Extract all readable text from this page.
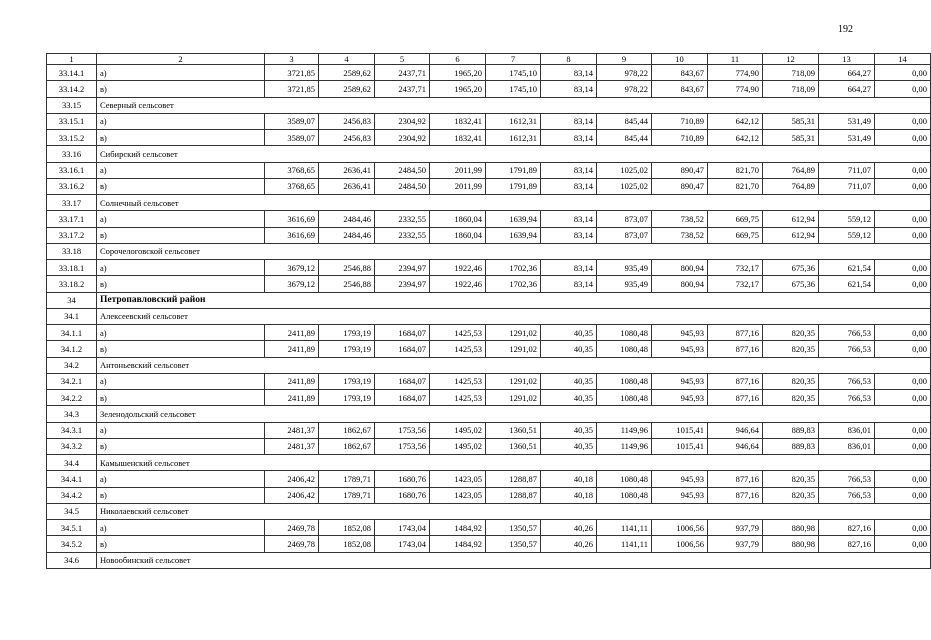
192
1	2	3	4	5	6	7	8	9	10	11	12	13	14
33.14.1	а)	3721,85	2589,62	2437,71	1965,20	1745,10	83,14	978,22	843,67	774,90	718,09	664,27	0,00
33.14.2	в)	3721,85	2589,62	2437,71	1965,20	1745,10	83,14	978,22	843,67	774,90	718,09	664,27	0,00
33.15	Северный сельсовет												
33.15.1	а)	3589,07	2456,83	2304,92	1832,41	1612,31	83,14	845,44	710,89	642,12	585,31	531,49	0,00
33.15.2	в)	3589,07	2456,83	2304,92	1832,41	1612,31	83,14	845,44	710,89	642,12	585,31	531,49	0,00
33.16	Сибирский сельсовет												
33.16.1	а)	3768,65	2636,41	2484,50	2011,99	1791,89	83,14	1025,02	890,47	821,70	764,89	711,07	0,00
33.16.2	в)	3768,65	2636,41	2484,50	2011,99	1791,89	83,14	1025,02	890,47	821,70	764,89	711,07	0,00
33.17	Солнечный сельсовет												
33.17.1	а)	3616,69	2484,46	2332,55	1860,04	1639,94	83,14	873,07	738,52	669,75	612,94	559,12	0,00
33.17.2	в)	3616,69	2484,46	2332,55	1860,04	1639,94	83,14	873,07	738,52	669,75	612,94	559,12	0,00
33.18	Сорочелоговской сельсовет												
33.18.1	а)	3679,12	2546,88	2394,97	1922,46	1702,36	83,14	935,49	800,94	732,17	675,36	621,54	0,00
33.18.2	в)	3679,12	2546,88	2394,97	1922,46	1702,36	83,14	935,49	800,94	732,17	675,36	621,54	0,00
34	Петропавловский район												
34.1	Алексеевский сельсовет												
34.1.1	а)	2411,89	1793,19	1684,07	1425,53	1291,02	40,35	1080,48	945,93	877,16	820,35	766,53	0,00
34.1.2	в)	2411,89	1793,19	1684,07	1425,53	1291,02	40,35	1080,48	945,93	877,16	820,35	766,53	0,00
34.2	Антоньевский сельсовет												
34.2.1	а)	2411,89	1793,19	1684,07	1425,53	1291,02	40,35	1080,48	945,93	877,16	820,35	766,53	0,00
34.2.2	в)	2411,89	1793,19	1684,07	1425,53	1291,02	40,35	1080,48	945,93	877,16	820,35	766,53	0,00
34.3	Зеленодольский сельсовет												
34.3.1	а)	2481,37	1862,67	1753,56	1495,02	1360,51	40,35	1149,96	1015,41	946,64	889,83	836,01	0,00
34.3.2	в)	2481,37	1862,67	1753,56	1495,02	1360,51	40,35	1149,96	1015,41	946,64	889,83	836,01	0,00
34.4	Камышенский сельсовет												
34.4.1	а)	2406,42	1789,71	1680,76	1423,05	1288,87	40,18	1080,48	945,93	877,16	820,35	766,53	0,00
34.4.2	в)	2406,42	1789,71	1680,76	1423,05	1288,87	40,18	1080,48	945,93	877,16	820,35	766,53	0,00
34.5	Николаевский сельсовет												
34.5.1	а)	2469,78	1852,08	1743,04	1484,92	1350,57	40,26	1141,11	1006,56	937,79	880,98	827,16	0,00
34.5.2	в)	2469,78	1852,08	1743,04	1484,92	1350,57	40,26	1141,11	1006,56	937,79	880,98	827,16	0,00
34.6	Новообинский сельсовет												
